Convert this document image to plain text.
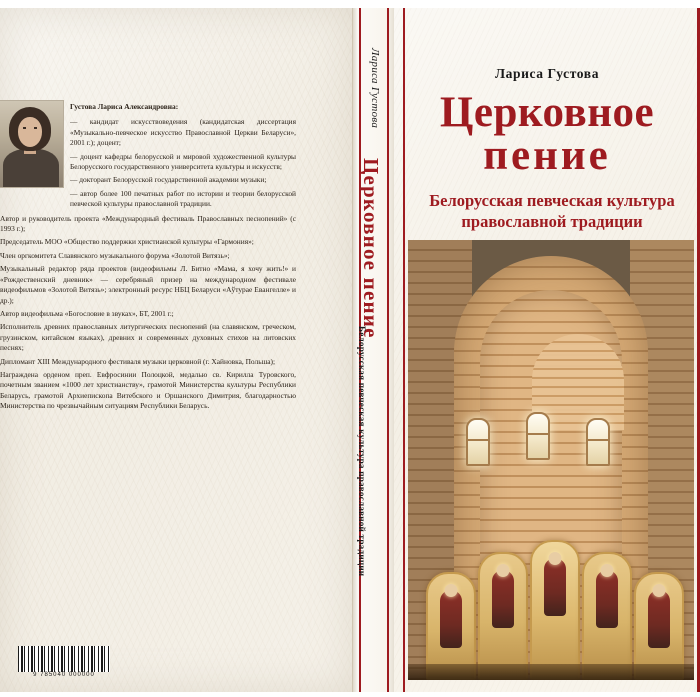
Густова Лариса Александровна:

— кандидат искусствоведения (кандидатская диссертация «Музыкально-певческое искусство Православной Церкви Беларуси», 2001 г.); доцент;
— доцент кафедры белорусской и мировой художественной культуры Белорусского государственного университета культуры и искусств;
— докторант Белорусской государственной академии музыки;
— автор более 100 печатных работ по истории и теории белорусской певческой культуры православной традиции.
Автор и руководитель проекта «Международный фестиваль Православных песнопений» (с 1993 г.);
Председатель МОО «Общество поддержки христианской культуры «Гармония»;
Член оргкомитета Славянского музыкального форума «Золотой Витязь»;
Музыкальный редактор ряда проектов (видеофильмы Л. Битно «Мама, я хочу жить!» и «Рождественский дневник» — серебряный призер на международном фестивале видеофильмов «Золотой Витязь»; электронный ресурс НБЦ Беларуси «Аўтурае Евангелле» и др.);
Автор видеофильма «Богословие в звуках», БТ, 2001 г.;
Исполнитель древних православных литургических песнопений (на славянском, греческом, грузинском, китайском языках), древних и современных духовных стихов на литовских песнях;
Дипломант XIII Международного фестиваля музыки церковной (г. Хайновка, Польша);
Награждена орденом преп. Евфросинии Полоцкой, медалью св. Кирилла Туровского, почетным званием «1000 лет христианству», грамотой Министерства культуры Республики Беларусь, грамотой Архиепископа Витебского и Оршанского Димитрия, благодарностью Министерства по чрезвычайным ситуациям Республики Беларусь.
9 785040 000000
Лариса Густова
Церковное пение
Белорусская певческая культура православной традиции
Лариса Густова
Церковное
пение
Белорусская певческая культура
православной традиции
